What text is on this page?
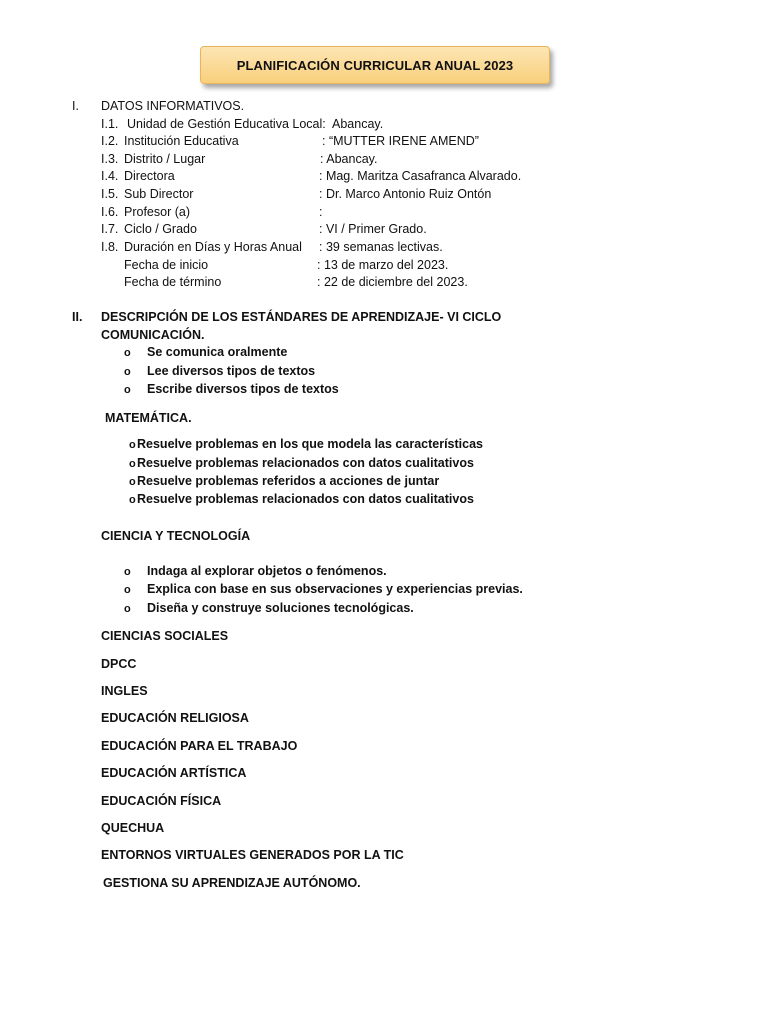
PLANIFICACIÓN CURRICULAR ANUAL 2023
I. DATOS INFORMATIVOS.
I.1. Unidad de Gestión Educativa Local: Abancay.
I.2. Institución Educativa	: “MUTTER IRENE AMEND”
I.3. Distrito / Lugar	: Abancay.
I.4. Directora	: Mag. Maritza Casafranca Alvarado.
I.5. Sub Director	: Dr. Marco Antonio Ruiz Ontón
I.6. Profesor (a)	:
I.7. Ciclo / Grado	: VI / Primer Grado.
I.8. Duración en Días y Horas Anual : 39 semanas lectivas.
Fecha de inicio	: 13 de marzo del 2023.
Fecha de término	: 22 de diciembre del 2023.
II. DESCRIPCIÓN DE LOS ESTÁNDARES DE APRENDIZAJE- VI CICLO
COMUNICACIÓN.
o Se comunica oralmente
o Lee diversos tipos de textos
o Escribe diversos tipos de textos
MATEMÁTICA.
o Resuelve problemas en los que modela las características
o Resuelve problemas relacionados con datos cualitativos
o Resuelve problemas referidos a acciones de juntar
o Resuelve problemas relacionados con datos cualitativos
CIENCIA Y TECNOLOGÍA
o Indaga al explorar objetos o fenómenos.
o Explica con base en sus observaciones y experiencias previas.
o Diseña y construye soluciones tecnológicas.
CIENCIAS SOCIALES
DPCC
INGLES
EDUCACIÓN RELIGIOSA
EDUCACIÓN PARA EL TRABAJO
EDUCACIÓN ARTÍSTICA
EDUCACIÓN FÍSICA
QUECHUA
ENTORNOS VIRTUALES GENERADOS POR LA TIC
GESTIONA SU APRENDIZAJE AUTÓNOMO.
